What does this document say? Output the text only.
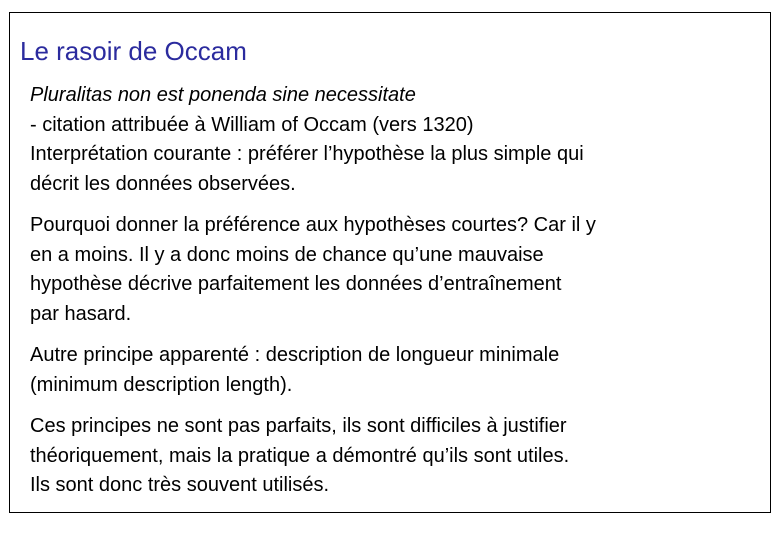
Le rasoir de Occam

Pluralitas non est ponenda sine necessitate
- citation attribuée à William of Occam (vers 1320)

Interprétation courante : préférer l’hypothèse la plus simple qui
décrit les données observées.

Pourquoi donner la préférence aux hypothèses courtes? Car il y
en a moins. Il y a donc moins de chance qu’une mauvaise
hypothèse décrive parfaitement les données d’entraînement
par hasard.

Autre principe apparenté : description de longueur minimale
(minimum description length).

Ces principes ne sont pas parfaits, ils sont difficiles à justifier
théoriquement, mais la pratique a démontré qu’ils sont utiles.
Ils sont donc très souvent utilisés.
